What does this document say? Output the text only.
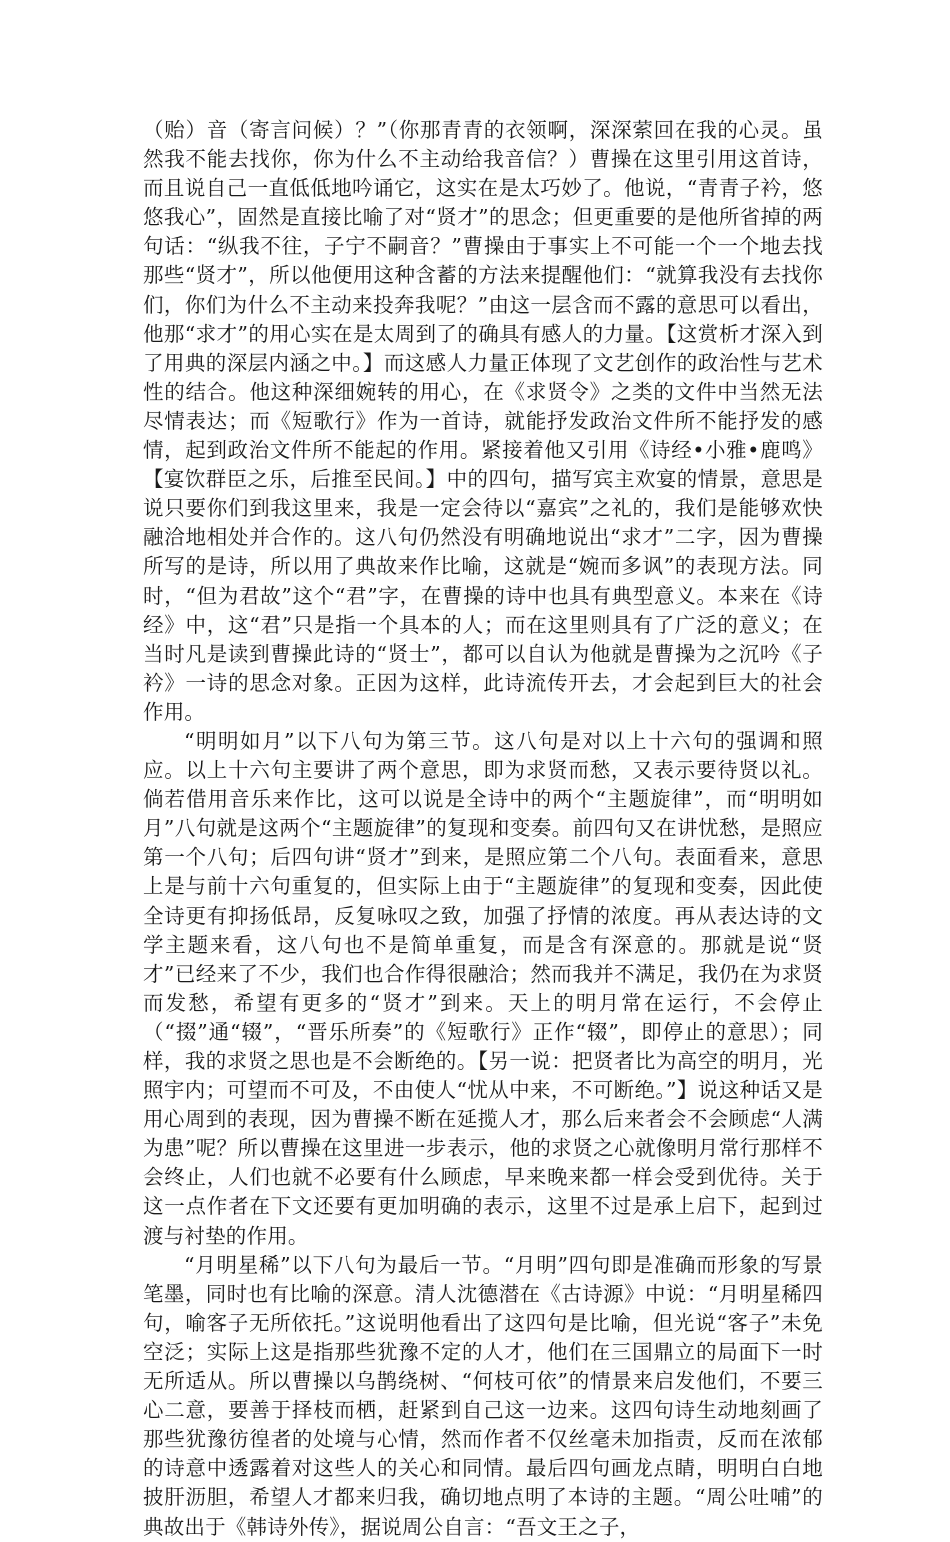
（贻）音（寄言问候）？”（你那青青的衣领啊，深深萦回在我的心灵。虽然我不能去找你，你为什么不主动给我音信？）曹操在这里引用这首诗，而且说自己一直低低地吟诵它，这实在是太巧妙了。他说，“青青子衿，悠悠我心”，固然是直接比喻了对“贤才”的思念；但更重要的是他所省掉的两句话：“纵我不往，子宁不嗣音？”曹操由于事实上不可能一个一个地去找那些“贤才”，所以他便用这种含蓄的方法来提醒他们：“就算我没有去找你们，你们为什么不主动来投奔我呢？”由这一层含而不露的意思可以看出，他那“求才”的用心实在是太周到了的确具有感人的力量。【这赏析才深入到了用典的深层内涵之中。】而这感人力量正体现了文艺创作的政治性与艺术性的结合。他这种深细婉转的用心，在《求贤令》之类的文件中当然无法尽情表达；而《短歌行》作为一首诗，就能抒发政治文件所不能抒发的感情，起到政治文件所不能起的作用。紧接着他又引用《诗经•小雅•鹿鸣》【宴饮群臣之乐，后推至民间。】中的四句，描写宾主欢宴的情景，意思是说只要你们到我这里来，我是一定会待以“嘉宾”之礼的，我们是能够欢快融洽地相处并合作的。这八句仍然没有明确地说出“求才”二字，因为曹操所写的是诗，所以用了典故来作比喻，这就是“婉而多讽”的表现方法。同时，“但为君故”这个“君”字，在曹操的诗中也具有典型意义。本来在《诗经》中，这“君”只是指一个具本的人；而在这里则具有了广泛的意义；在当时凡是读到曹操此诗的“贤士”，都可以自认为他就是曹操为之沉吟《子衿》一诗的思念对象。正因为这样，此诗流传开去，才会起到巨大的社会作用。

“明明如月”以下八句为第三节。这八句是对以上十六句的强调和照应。以上十六句主要讲了两个意思，即为求贤而愁，又表示要待贤以礼。倘若借用音乐来作比，这可以说是全诗中的两个“主题旋律”，而“明明如月”八句就是这两个“主题旋律”的复现和变奏。前四句又在讲忧愁，是照应第一个八句；后四句讲“贤才”到来，是照应第二个八句。表面看来，意思上是与前十六句重复的，但实际上由于“主题旋律”的复现和变奏，因此使全诗更有抑扬低昂，反复咏叹之致，加强了抒情的浓度。再从表达诗的文学主题来看，这八句也不是简单重复，而是含有深意的。那就是说“贤才”已经来了不少，我们也合作得很融洽；然而我并不满足，我仍在为求贤而发愁，希望有更多的“贤才”到来。天上的明月常在运行，不会停止（“掇”通“辍”，“晋乐所奏”的《短歌行》正作“辍”，即停止的意思）；同样，我的求贤之思也是不会断绝的。【另一说：把贤者比为高空的明月，光照宇内；可望而不可及，不由使人“忧从中来，不可断绝。”】说这种话又是用心周到的表现，因为曹操不断在延揽人才，那么后来者会不会顾虑“人满为患”呢？所以曹操在这里进一步表示，他的求贤之心就像明月常行那样不会终止，人们也就不必要有什么顾虑，早来晚来都一样会受到优待。关于这一点作者在下文还要有更加明确的表示，这里不过是承上启下，起到过渡与衬垫的作用。

“月明星稀”以下八句为最后一节。“月明”四句即是准确而形象的写景笔墨，同时也有比喻的深意。清人沈德潜在《古诗源》中说：“月明星稀四句，喻客子无所依托。”这说明他看出了这四句是比喻，但光说“客子”未免空泛；实际上这是指那些犹豫不定的人才，他们在三国鼎立的局面下一时无所适从。所以曹操以乌鹊绕树、“何枝可依”的情景来启发他们，不要三心二意，要善于择枝而栖，赶紧到自己这一边来。这四句诗生动地刻画了那些犹豫彷徨者的处境与心情，然而作者不仅丝毫未加指责，反而在浓郁的诗意中透露着对这些人的关心和同情。最后四句画龙点睛，明明白白地披肝沥胆，希望人才都来归我，确切地点明了本诗的主题。“周公吐哺”的典故出于《韩诗外传》，据说周公自言：“吾文王之子，
